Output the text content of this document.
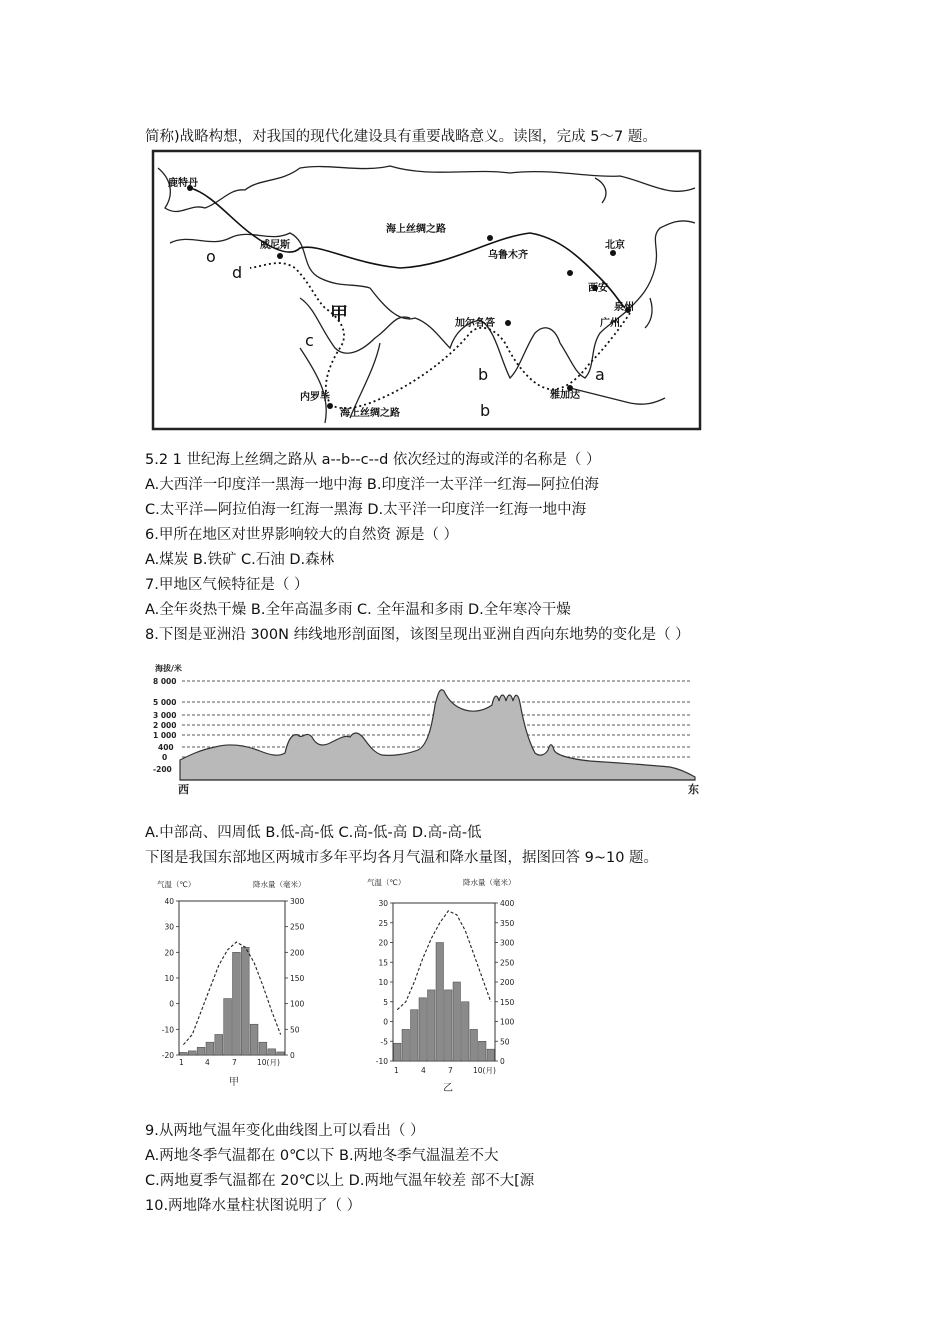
简称)战略构想，对我国的现代化建设具有重要战略意义。读图，完成 5～7 题。
鹿特丹
威尼斯
海上丝绸之路
乌鲁木齐
北京
西安
泉州
广州
加尔各答
内罗毕
海上丝绸之路
雅加达
a
b
b
c
d
o
甲
5.2 1 世纪海上丝绸之路从 a--b--c--d 依次经过的海或洋的名称是（ ）
A.大西洋一印度洋一黑海一地中海 B.印度洋一太平洋一红海—阿拉伯海
C.太平洋—阿拉伯海一红海一黑海 D.太平洋一印度洋一红海一地中海
6.甲所在地区对世界影响较大的自然资 源是（ ）
A.煤炭 B.铁矿 C.石油 D.森林
7.甲地区气候特征是（ ）
A.全年炎热干燥 B.全年高温多雨 C. 全年温和多雨 D.全年寒冷干燥
8.下图是亚洲沿 300N 纬线地形剖面图，该图呈现出亚洲自西向东地势的变化是（ ）
海拔/米
8 000
5 000
3 000
2 000
1 000
400
0
-200
西	东
A.中部高、四周低 B.低-高-低 C.高-低-高 D.高-高-低
下图是我国东部地区两城市多年平均各月气温和降水量图，据图回答 9~10 题。
气温（℃）	降水量（毫米）
1	4	7	10(月)
甲
气温（℃）	降水量（毫米）
1	4	7	10(月)
乙
40
30
20
10
0
-10
-20
300
250
200
150
100
50
0
30
25
20
15
10
5
0
-5
-10
400
350
300
250
200
150
100
50
0
9.从两地气温年变化曲线图上可以看出（ ）
A.两地冬季气温都在 0℃以下 B.两地冬季气温温差不大
C.两地夏季气温都在 20℃以上 D.两地气温年较差 部不大[源
10.两地降水量柱状图说明了（ ）
